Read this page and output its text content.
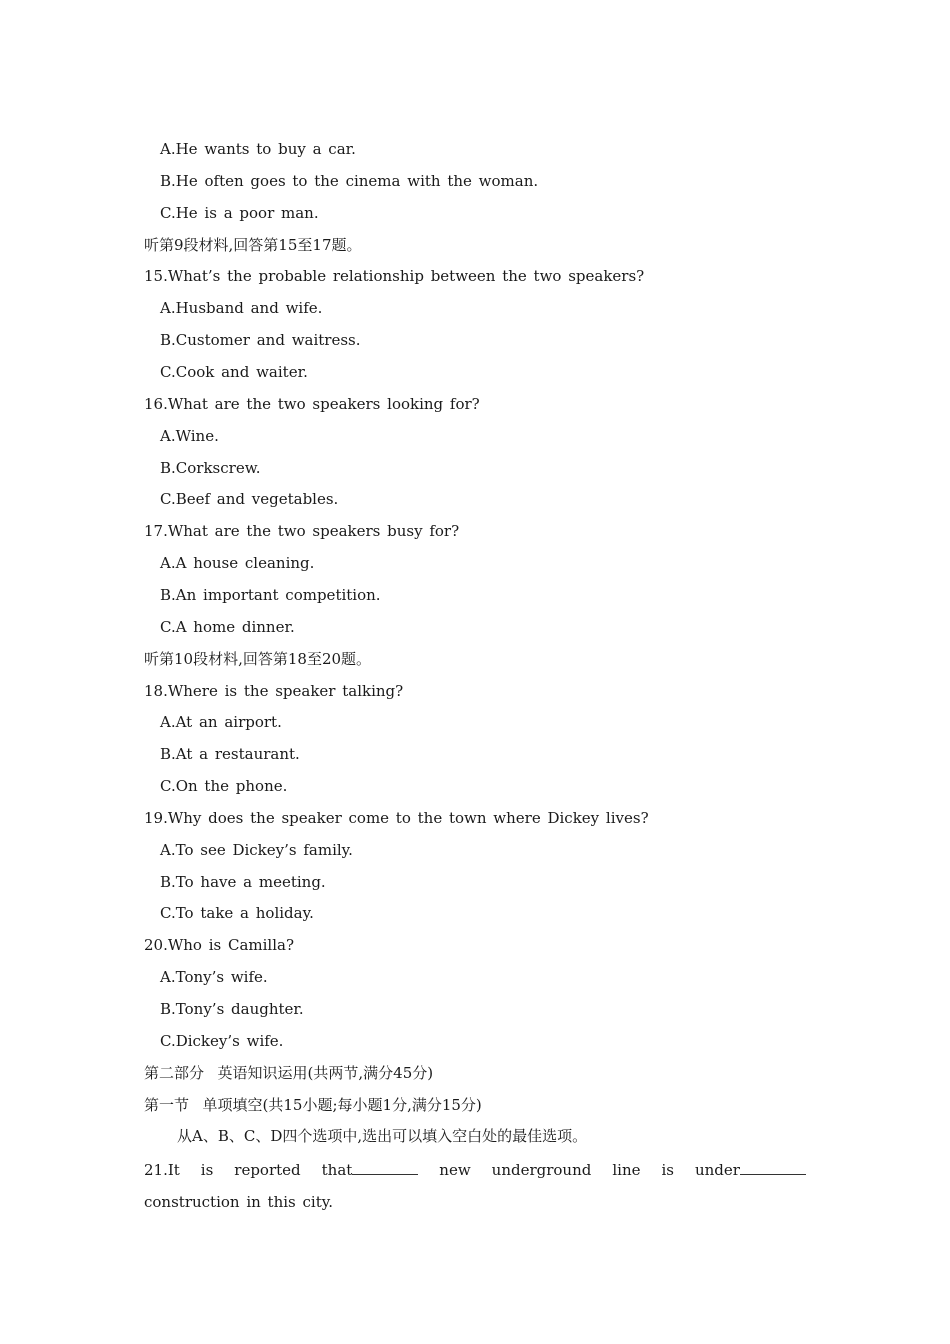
A.He wants to buy a car.
B.He often goes to the cinema with the woman.
C.He is a poor man.
听第9段材料,回答第15至17题。
15.What’s the probable relationship between the two speakers?
A.Husband and wife.
B.Customer and waitress.
C.Cook and waiter.
16.What are the two speakers looking for?
A.Wine.
B.Corkscrew.
C.Beef and vegetables.
17.What are the two speakers busy for?
A.A house cleaning.
B.An important competition.
C.A home dinner.
听第10段材料,回答第18至20题。
18.Where is the speaker talking?
A.At an airport.
B.At a restaurant.
C.On the phone.
19.Why does the speaker come to the town where Dickey lives?
A.To see Dickey’s family.
B.To have a meeting.
C.To take a holiday.
20.Who is Camilla?
A.Tony’s wife.
B.Tony’s daughter.
C.Dickey’s wife.
第二部分  英语知识运用(共两节,满分45分)
第一节  单项填空(共15小题;每小题1分,满分15分)
从A、B、C、D四个选项中,选出可以填入空白处的最佳选项。
21.It is reported that	new underground line is under
construction in this city.
